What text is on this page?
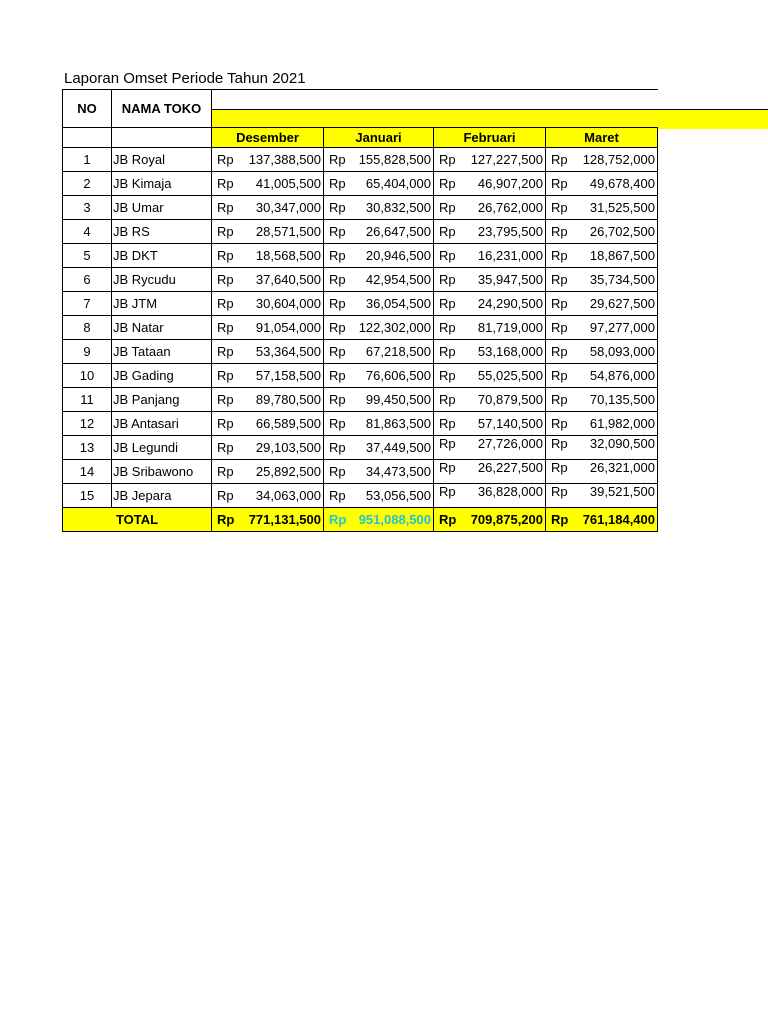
Laporan Omset Periode Tahun 2021
NO	NAMA TOKO				

		Desember	Januari	Februari	Maret
1	JB Royal	Rp 137,388,500	Rp 155,828,500	Rp 127,227,500	Rp 128,752,000

2	JB Kimaja	Rp 41,005,500	Rp 65,404,000	Rp 46,907,200	Rp 49,678,400

3	JB Umar	Rp 30,347,000	Rp 30,832,500	Rp 26,762,000	Rp 31,525,500

4	JB RS	Rp 28,571,500	Rp 26,647,500	Rp 23,795,500	Rp 26,702,500

5	JB DKT	Rp 18,568,500	Rp 20,946,500	Rp 16,231,000	Rp 18,867,500

6	JB Rycudu	Rp 37,640,500	Rp 42,954,500	Rp 35,947,500	Rp 35,734,500

7	JB JTM	Rp 30,604,000	Rp 36,054,500	Rp 24,290,500	Rp 29,627,500

8	JB Natar	Rp 91,054,000	Rp 122,302,000	Rp 81,719,000	Rp 97,277,000

9	JB Tataan	Rp 53,364,500	Rp 67,218,500	Rp 53,168,000	Rp 58,093,000

10	JB Gading	Rp 57,158,500	Rp 76,606,500	Rp 55,025,500	Rp 54,876,000

11	JB Panjang	Rp 89,780,500	Rp 99,450,500	Rp 70,879,500	Rp 70,135,500

12	JB Antasari	Rp 66,589,500	Rp 81,863,500	Rp 57,140,500	Rp 61,982,000

13	JB Legundi	Rp 29,103,500	Rp 37,449,500	Rp 27,726,000	Rp 32,090,500

14	JB Sribawono	Rp 25,892,500	Rp 34,473,500	Rp 26,227,500	Rp 26,321,000

15	JB Jepara	Rp 34,063,000	Rp 53,056,500	Rp 36,828,000	Rp 39,521,500

TOTAL		Rp 771,131,500	Rp 951,088,500	Rp 709,875,200	Rp 761,184,400
